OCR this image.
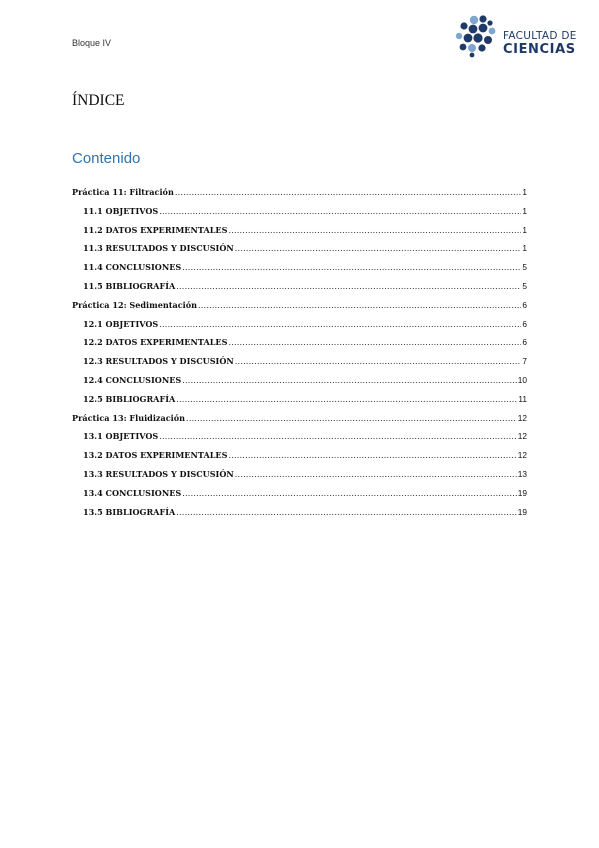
Bloque IV
FACULTAD DE
CIENCIAS
ÍNDICE
Contenido
Práctica 11: Filtración .....	1
11.1 OBJETIVOS .....	1
11.2 DATOS EXPERIMENTALES .....	1
11.3 RESULTADOS Y DISCUSIÓN .....	1
11.4 CONCLUSIONES .....	5
11.5 BIBLIOGRAFÍA .....	5
Práctica 12: Sedimentación .....	6
12.1 OBJETIVOS .....	6
12.2 DATOS EXPERIMENTALES .....	6
12.3 RESULTADOS Y DISCUSIÓN .....	7
12.4 CONCLUSIONES .....	10
12.5 BIBLIOGRAFÍA .....	11
Práctica 13: Fluidización .....	12
13.1 OBJETIVOS .....	12
13.2 DATOS EXPERIMENTALES .....	12
13.3 RESULTADOS Y DISCUSIÓN .....	13
13.4 CONCLUSIONES .....	19
13.5 BIBLIOGRAFÍA .....	19
